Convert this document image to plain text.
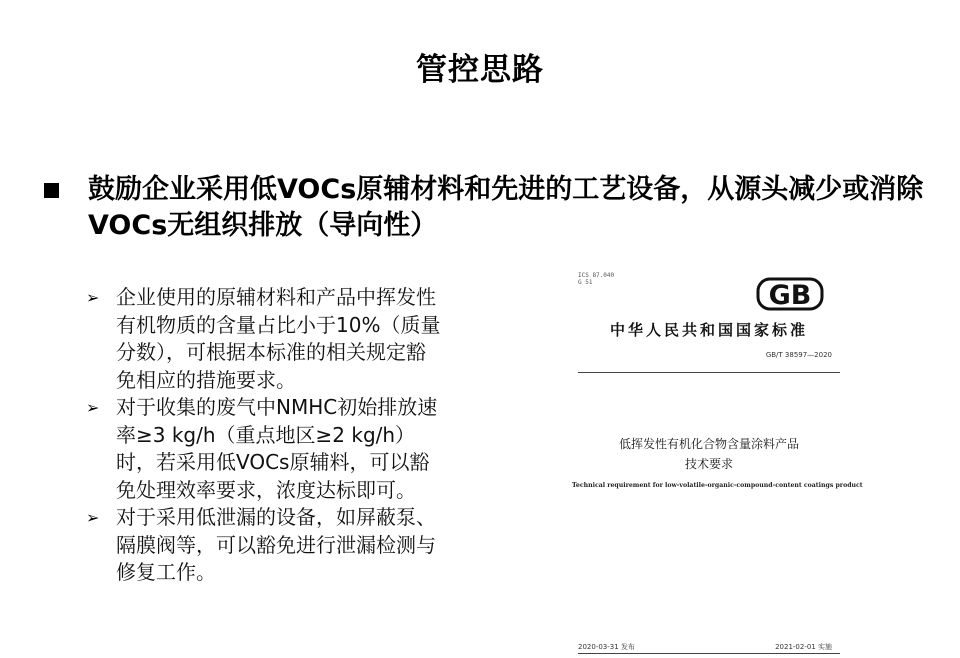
管控思路
鼓励企业采用低VOCs原辅材料和先进的工艺设备，从源头减少或消除VOCs无组织排放（导向性）
➢ 企业使用的原辅材料和产品中挥发性有机物质的含量占比小于10%（质量分数），可根据本标准的相关规定豁免相应的措施要求。
➢ 对于收集的废气中NMHC初始排放速率≥3 kg/h（重点地区≥2 kg/h）时，若采用低VOCs原辅料，可以豁免处理效率要求，浓度达标即可。
➢ 对于采用低泄漏的设备，如屏蔽泵、隔膜阀等，可以豁免进行泄漏检测与修复工作。
ICS 87.040
G 51	GB
中华人民共和国国家标准
GB/T 38597—2020
低挥发性有机化合物含量涂料产品
技术要求
Technical requirement for low-volatile-organic-compound-content coatings product
2020-03-31 发布	2021-02-01 实施
